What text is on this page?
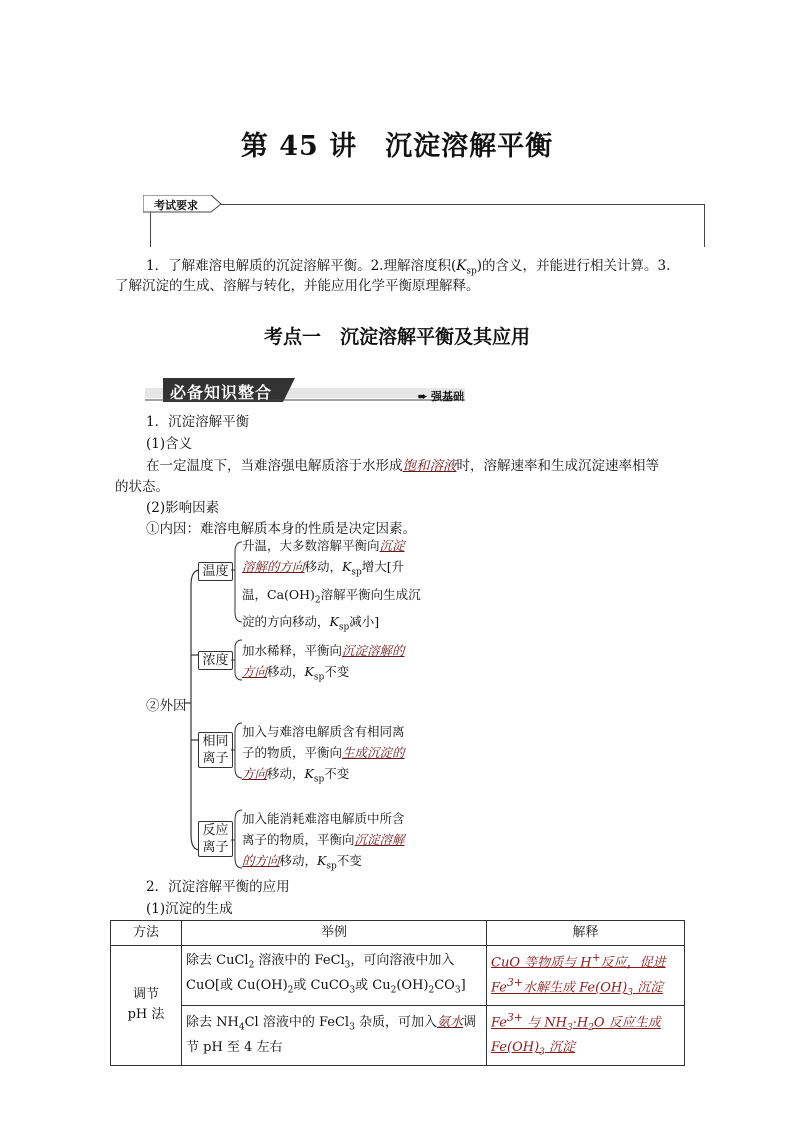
第 45 讲　沉淀溶解平衡
考试要求
1．了解难溶电解质的沉淀溶解平衡。2.理解溶度积$(K_{sp})$的含义，并能进行相关计算。3.
了解沉淀的生成、溶解与转化，并能应用化学平衡原理解释。
考点一　沉淀溶解平衡及其应用
必备知识整合	➨ 强基础
1．沉淀溶解平衡
(1)含义
在一定温度下，当难溶强电解质溶于水形成饱和溶液时，溶解速率和生成沉淀速率相等
的状态。
(2)影响因素
①内因：难溶电解质本身的性质是决定因素。
②外因
温度
浓度
相同
离子
反应
离子
升温，大多数溶解平衡向沉淀
溶解的方向移动，$K_{sp}$增大[升
温，$Ca(OH)_2$溶解平衡向生成沉
淀的方向移动，$K_{sp}$减小]
加水稀释，平衡向沉淀溶解的
方向移动，$K_{sp}$不变
加入与难溶电解质含有相同离
子的物质，平衡向生成沉淀的
方向移动，$K_{sp}$不变
加入能消耗难溶电解质中所含
离子的物质，平衡向沉淀溶解
的方向移动，$K_{sp}$不变
2．沉淀溶解平衡的应用
(1)沉淀的生成
方法	举例	解释
调节
pH 法	除去 CuCl$_2$ 溶液中的 FeCl$_3$，可向溶液中加入 CuO[或 $Cu(OH)_2$或 CuCO$_3$或 $Cu_2(OH)_2CO_3$]	CuO 等物质与 H+反应，促进 $Fe^{3+}$水解生成 $Fe(OH)_3$ 沉淀
	除去 $NH_4Cl$ 溶液中的 FeCl$_3$ 杂质，可加入氨水调节 pH 至 4 左右	$Fe^{3+}$ 与 $NH_3\cdot H_2O$ 反应生成 $Fe(OH)_3$ 沉淀
